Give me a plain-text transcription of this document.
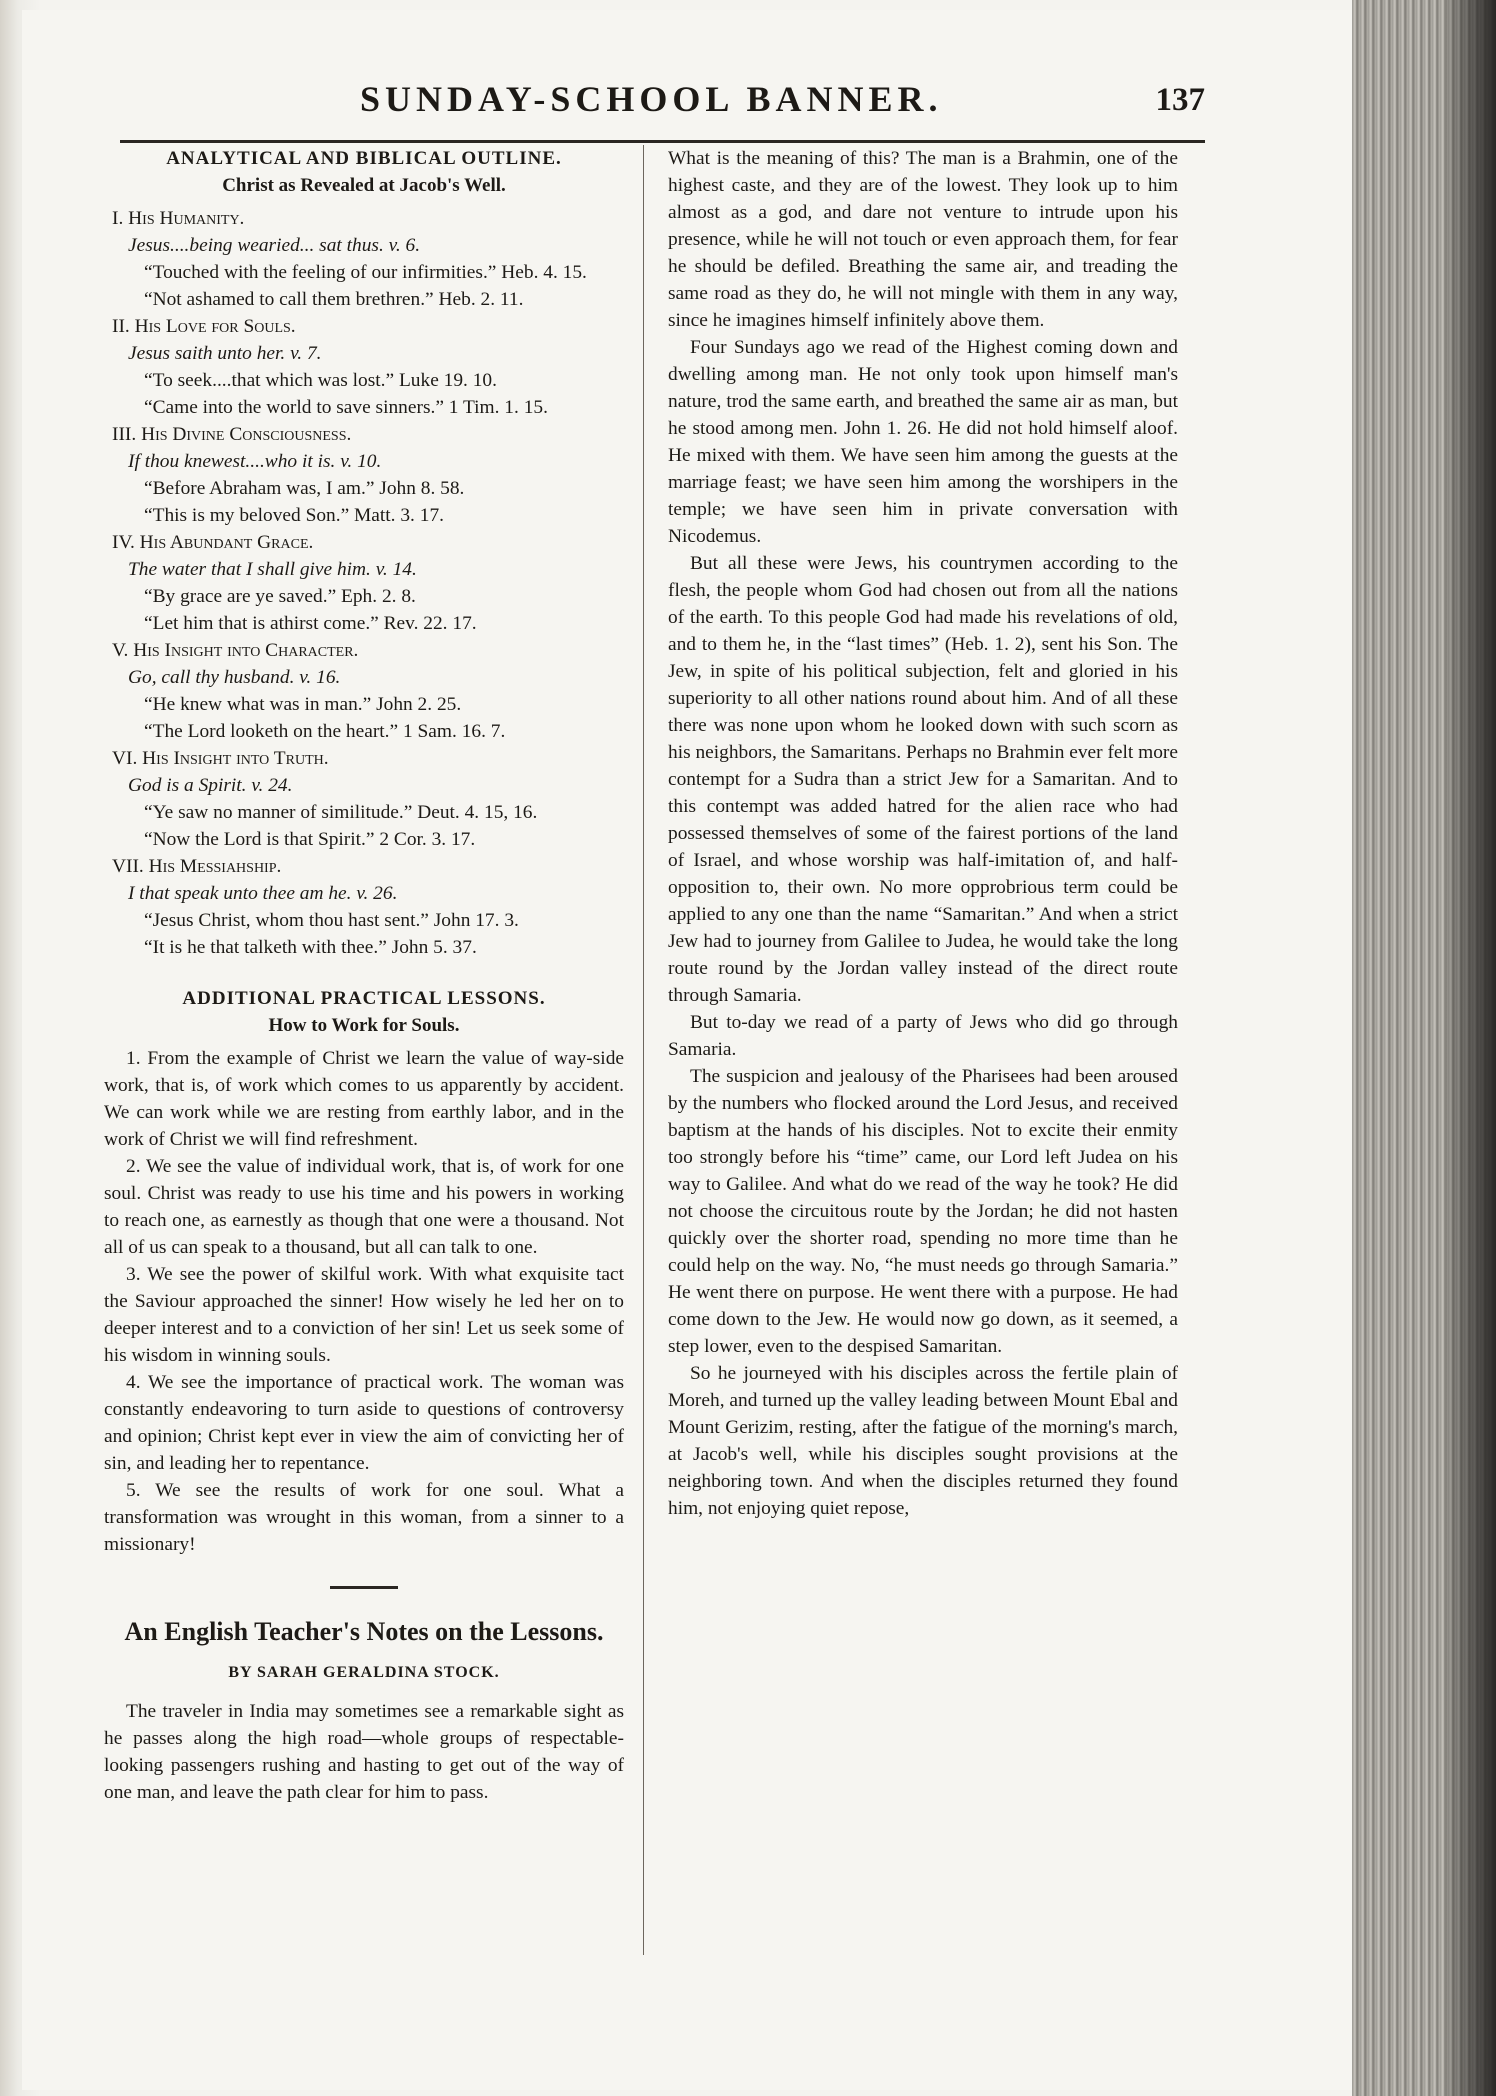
SUNDAY-SCHOOL BANNER.	137
ANALYTICAL AND BIBLICAL OUTLINE.
Christ as Revealed at Jacob's Well.
I. His Humanity.
Jesus....being wearied... sat thus. v. 6.
“Touched with the feeling of our infirmities.” Heb. 4. 15.
“Not ashamed to call them brethren.” Heb. 2. 11.
II. His Love for Souls.
Jesus saith unto her. v. 7.
“To seek....that which was lost.” Luke 19. 10.
“Came into the world to save sinners.” 1 Tim. 1. 15.
III. His Divine Consciousness.
If thou knewest....who it is. v. 10.
“Before Abraham was, I am.” John 8. 58.
“This is my beloved Son.” Matt. 3. 17.
IV. His Abundant Grace.
The water that I shall give him. v. 14.
“By grace are ye saved.” Eph. 2. 8.
“Let him that is athirst come.” Rev. 22. 17.
V. His Insight into Character.
Go, call thy husband. v. 16.
“He knew what was in man.” John 2. 25.
“The Lord looketh on the heart.” 1 Sam. 16. 7.
VI. His Insight into Truth.
God is a Spirit. v. 24.
“Ye saw no manner of similitude.” Deut. 4. 15, 16.
“Now the Lord is that Spirit.” 2 Cor. 3. 17.
VII. His Messiahship.
I that speak unto thee am he. v. 26.
“Jesus Christ, whom thou hast sent.” John 17. 3.
“It is he that talketh with thee.” John 5. 37.
ADDITIONAL PRACTICAL LESSONS.
How to Work for Souls.

1. From the example of Christ we learn the value of way-side work, that is, of work which comes to us apparently by accident. We can work while we are resting from earthly labor, and in the work of Christ we will find refreshment.

2. We see the value of individual work, that is, of work for one soul. Christ was ready to use his time and his powers in working to reach one, as earnestly as though that one were a thousand. Not all of us can speak to a thousand, but all can talk to one.

3. We see the power of skilful work. With what exquisite tact the Saviour approached the sinner! How wisely he led her on to deeper interest and to a conviction of her sin! Let us seek some of his wisdom in winning souls.

4. We see the importance of practical work. The woman was constantly endeavoring to turn aside to questions of controversy and opinion; Christ kept ever in view the aim of convicting her of sin, and leading her to repentance.

5. We see the results of work for one soul. What a transformation was wrought in this woman, from a sinner to a missionary!

An English Teacher's Notes on the Lessons.
BY SARAH GERALDINA STOCK.

The traveler in India may sometimes see a remarkable sight as he passes along the high road—whole groups of respectable-looking passengers rushing and hasting to get out of the way of one man, and leave the path clear for him to pass.

What is the meaning of this? The man is a Brahmin, one of the highest caste, and they are of the lowest. They look up to him almost as a god, and dare not venture to intrude upon his presence, while he will not touch or even approach them, for fear he should be defiled. Breathing the same air, and treading the same road as they do, he will not mingle with them in any way, since he imagines himself infinitely above them.

Four Sundays ago we read of the Highest coming down and dwelling among man. He not only took upon himself man's nature, trod the same earth, and breathed the same air as man, but he stood among men. John 1. 26. He did not hold himself aloof. He mixed with them. We have seen him among the guests at the marriage feast; we have seen him among the worshipers in the temple; we have seen him in private conversation with Nicodemus.

But all these were Jews, his countrymen according to the flesh, the people whom God had chosen out from all the nations of the earth. To this people God had made his revelations of old, and to them he, in the “last times” (Heb. 1. 2), sent his Son. The Jew, in spite of his political subjection, felt and gloried in his superiority to all other nations round about him. And of all these there was none upon whom he looked down with such scorn as his neighbors, the Samaritans. Perhaps no Brahmin ever felt more contempt for a Sudra than a strict Jew for a Samaritan. And to this contempt was added hatred for the alien race who had possessed themselves of some of the fairest portions of the land of Israel, and whose worship was half-imitation of, and half-opposition to, their own. No more opprobrious term could be applied to any one than the name “Samaritan.” And when a strict Jew had to journey from Galilee to Judea, he would take the long route round by the Jordan valley instead of the direct route through Samaria.

But to-day we read of a party of Jews who did go through Samaria.

The suspicion and jealousy of the Pharisees had been aroused by the numbers who flocked around the Lord Jesus, and received baptism at the hands of his disciples. Not to excite their enmity too strongly before his “time” came, our Lord left Judea on his way to Galilee. And what do we read of the way he took? He did not choose the circuitous route by the Jordan; he did not hasten quickly over the shorter road, spending no more time than he could help on the way. No, “he must needs go through Samaria.” He went there on purpose. He went there with a purpose. He had come down to the Jew. He would now go down, as it seemed, a step lower, even to the despised Samaritan.

So he journeyed with his disciples across the fertile plain of Moreh, and turned up the valley leading between Mount Ebal and Mount Gerizim, resting, after the fatigue of the morning's march, at Jacob's well, while his disciples sought provisions at the neighboring town. And when the disciples returned they found him, not enjoying quiet repose,
